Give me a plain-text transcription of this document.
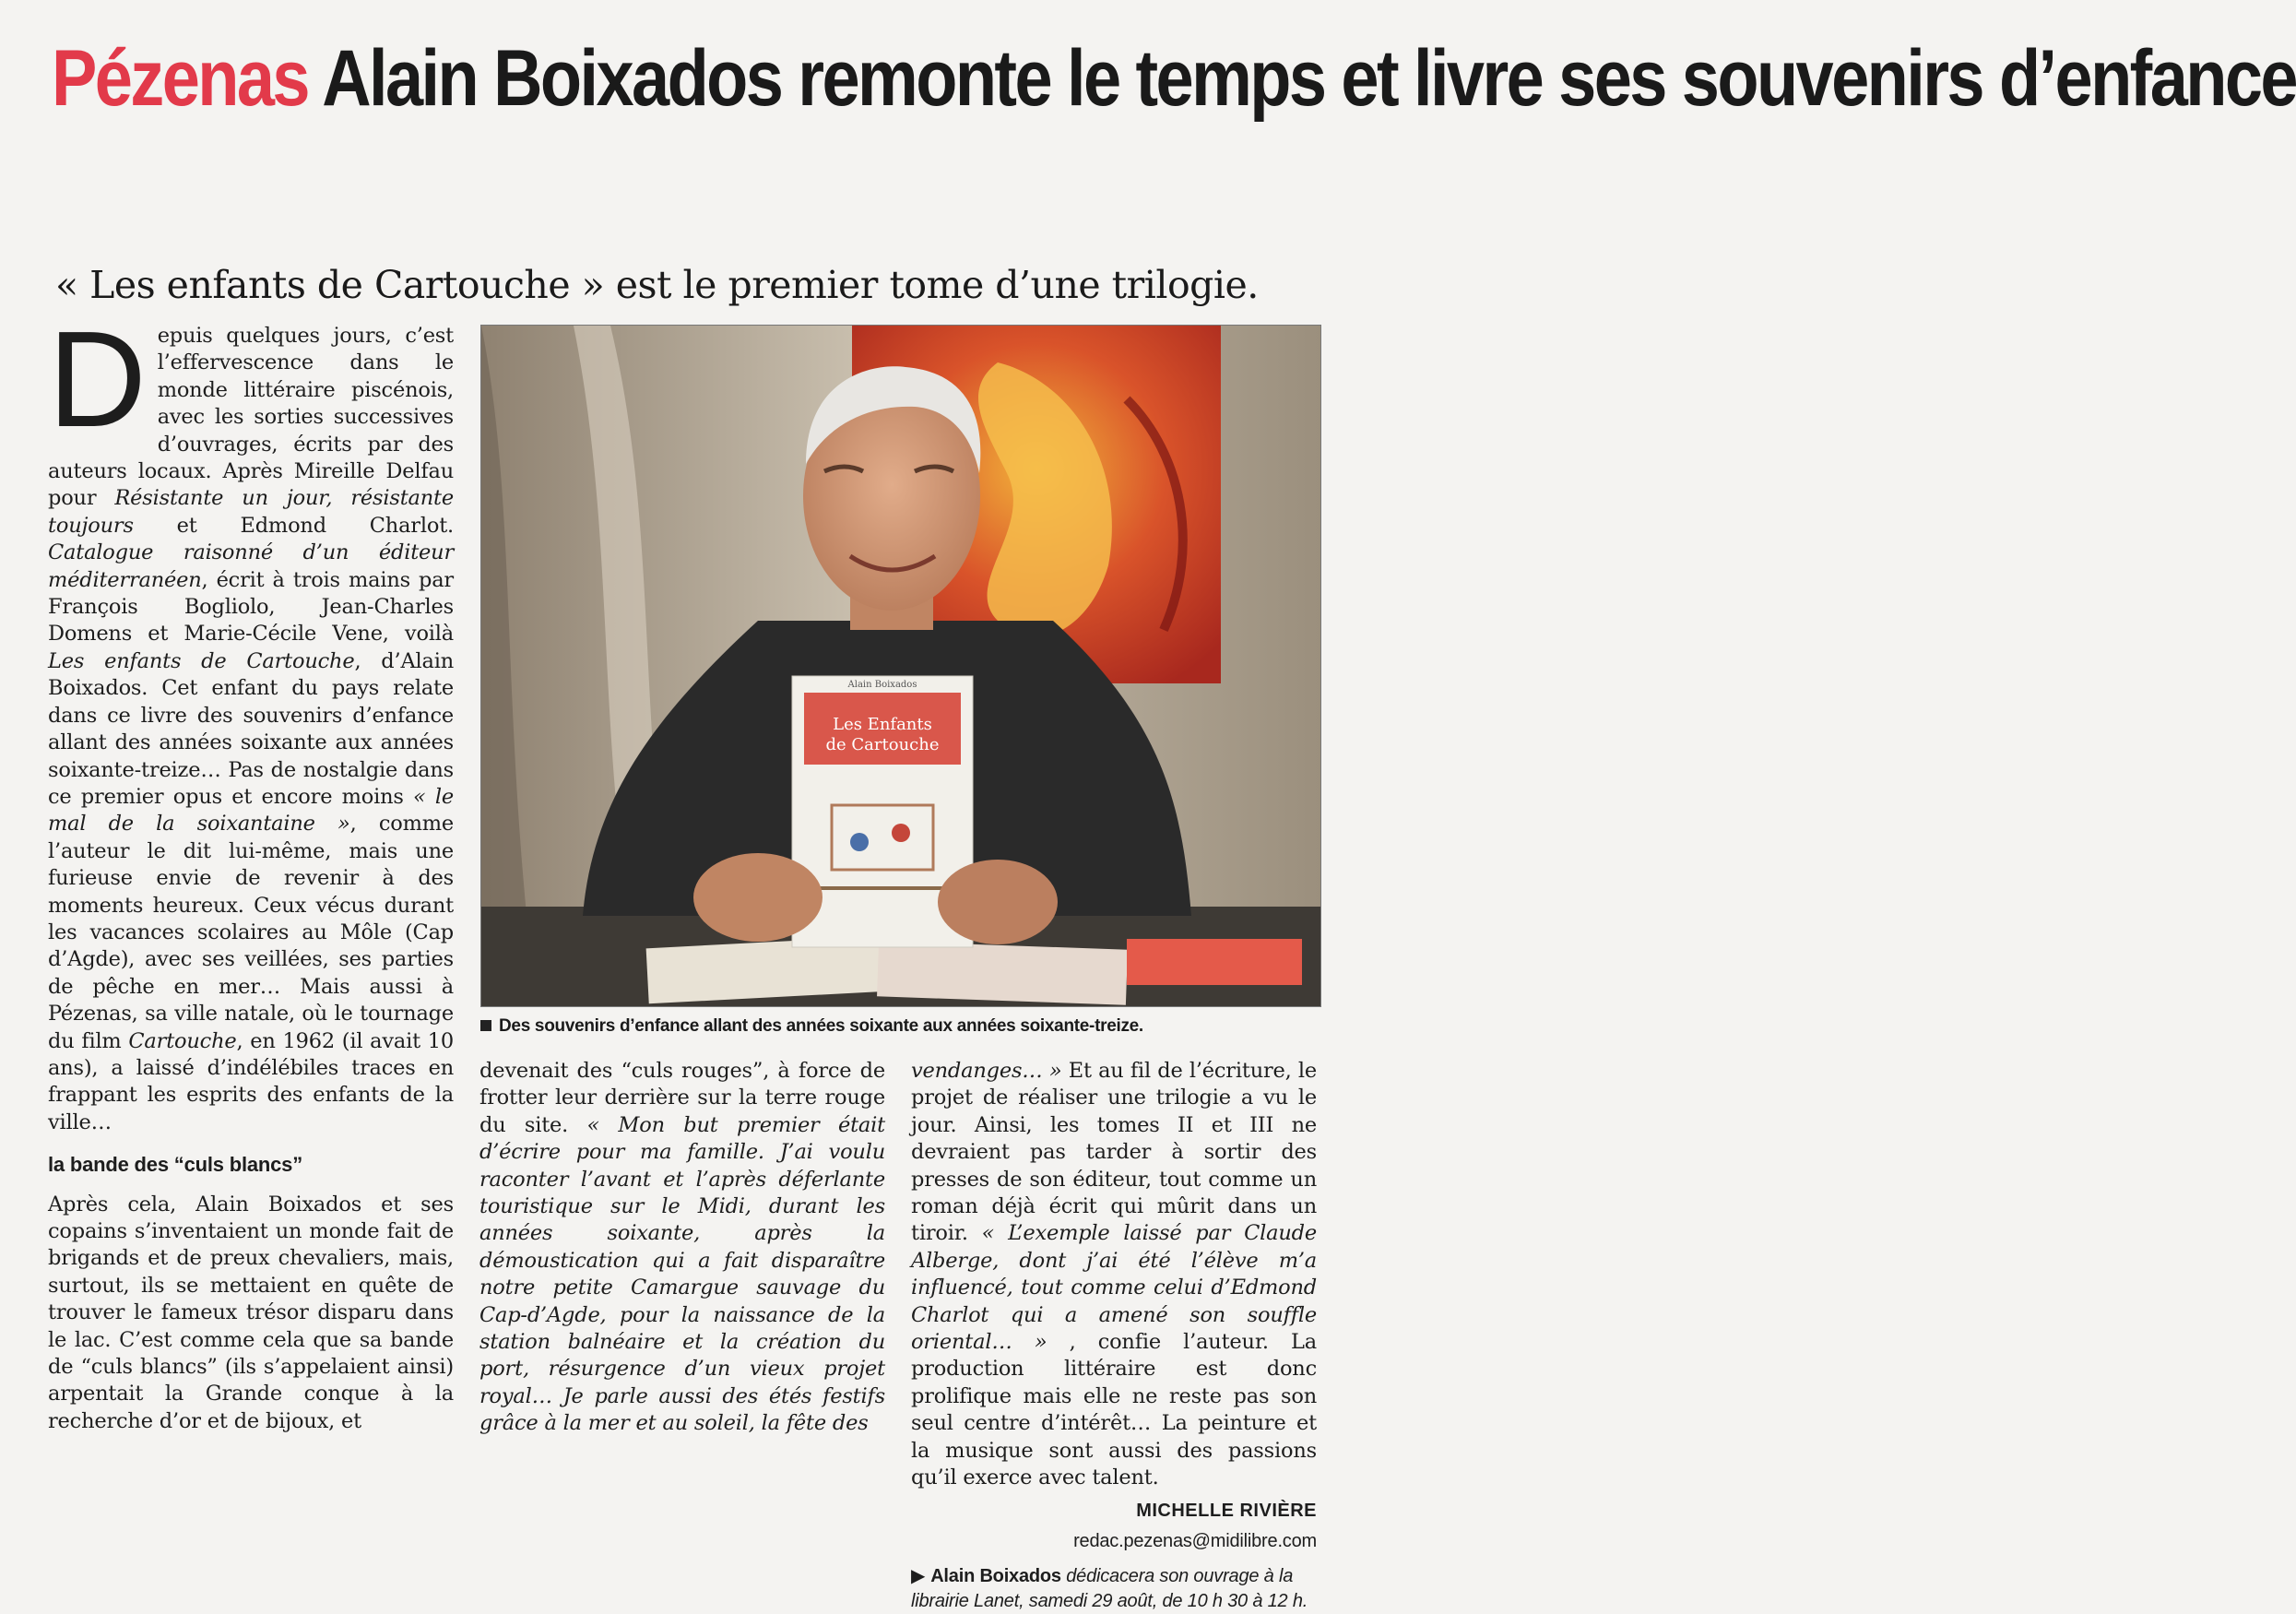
Pézenas Alain Boixados remonte le temps et livre ses souvenirs d’enfance
« Les enfants de Cartouche » est le premier tome d’une trilogie.
Alain Boixados
Les Enfants
de Cartouche
Des souvenirs d’enfance allant des années soixante aux années soixante-treize.

Depuis quelques jours, c’est l’effervescence dans le monde littéraire piscénois, avec les sorties successives d’ouvrages, écrits par des auteurs locaux. Après Mireille Delfau pour Résistante un jour, résistante toujours et Edmond Charlot. Catalogue raisonné d’un éditeur méditerranéen, écrit à trois mains par François Bogliolo, Jean-Charles Domens et Marie-Cécile Vene, voilà Les enfants de Cartouche, d’Alain Boixados. Cet enfant du pays relate dans ce livre des souvenirs d’enfance allant des années soixante aux années soixante-treize… Pas de nostalgie dans ce premier opus et encore moins « le mal de la soixantaine », comme l’auteur le dit lui-même, mais une furieuse envie de revenir à des moments heureux. Ceux vécus durant les vacances scolaires au Môle (Cap d’Agde), avec ses veillées, ses parties de pêche en mer… Mais aussi à Pézenas, sa ville natale, où le tournage du film Cartouche, en 1962 (il avait 10 ans), a laissé d’indélébiles traces en frappant les esprits des enfants de la ville…

la bande des “culs blancs”

Après cela, Alain Boixados et ses copains s’inventaient un monde fait de brigands et de preux chevaliers, mais, surtout, ils se mettaient en quête de trouver le fameux trésor disparu dans le lac. C’est comme cela que sa bande de “culs blancs” (ils s’appelaient ainsi) arpentait la Grande conque à la recherche d’or et de bijoux, et

devenait des “culs rouges”, à force de frotter leur derrière sur la terre rouge du site. « Mon but premier était d’écrire pour ma famille. J’ai voulu raconter l’avant et l’après déferlante touristique sur le Midi, durant les années soixante, après la démoustication qui a fait disparaître notre petite Camargue sauvage du Cap-d’Agde, pour la naissance de la station balnéaire et la création du port, résurgence d’un vieux projet royal… Je parle aussi des étés festifs grâce à la mer et au soleil, la fête des

vendanges… » Et au fil de l’écriture, le projet de réaliser une trilogie a vu le jour. Ainsi, les tomes II et III ne devraient pas tarder à sortir des presses de son éditeur, tout comme un roman déjà écrit qui mûrit dans un tiroir. « L’exemple laissé par Claude Alberge, dont j’ai été l’élève m’a influencé, tout comme celui d’Edmond Charlot qui a amené son souffle oriental… » , confie l’auteur. La production littéraire est donc prolifique mais elle ne reste pas son seul centre d’intérêt… La peinture et la musique sont aussi des passions qu’il exerce avec talent.

MICHELLE RIVIÈRE
redac.pezenas@midilibre.com
▶ Alain Boixados dédicacera son ouvrage à la librairie Lanet, samedi 29 août, de 10 h 30 à 12 h.
